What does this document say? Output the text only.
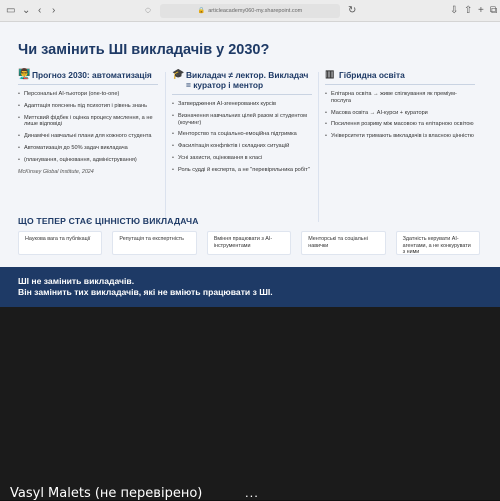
▭ ⌄ ‹ ›	◌	🔒 articleacademy060-my.sharepoint.com	↻	⇩ ⇧ + ⧉
Чи замінить ШІ викладачів у 2030?
👨‍🏫 Прогноз 2030: автоматизація
• Персональні AI-тьютори (one-to-one)
• Адаптація пояснень під психотип і рівень знань
• Миттєвий фідбек і оцінка процесу мислення, а не лише відповіді
• Динамічні навчальні плани для кожного студента
• Автоматизація до 50% задач викладача
• (планування, оцінювання, адміністрування)
McKinsey Global Institute, 2024
🎓 Викладач ≠ лектор. Викладач = куратор і ментор
• Затвердження AI-згенерованих курсів
• Визначення навчальних цілей разом зі студентом (коучинг)
• Менторство та соціально-емоційна підтримка
• Фасилітація конфліктів і складних ситуацій
• Усні захисти, оцінювання в класі
• Роль судді й експерта, а не "перевіряльника робіт"
▥ Гібридна освіта
• Елітарна освіта → живе спілкування як преміум-послуга
• Масова освіта → AI-курси + куратори
• Посилення розриву між масовою та елітарною освітою
• Університети тримають викладачів із власною цінністю
ЩО ТЕПЕР СТАЄ ЦІННІСТЮ ВИКЛАДАЧА
Наукова вага та публікації	Репутація та експертність	Вміння працювати з AI-інструментами
Менторські та соціальні навички
Здатність керувати AI-агентами, а не конкурувати з ними
ШІ не замінить викладачів.
Він замінить тих викладачів, які не вміють працювати з ШІ.
Vasyl Malets (не перевірено)	...
